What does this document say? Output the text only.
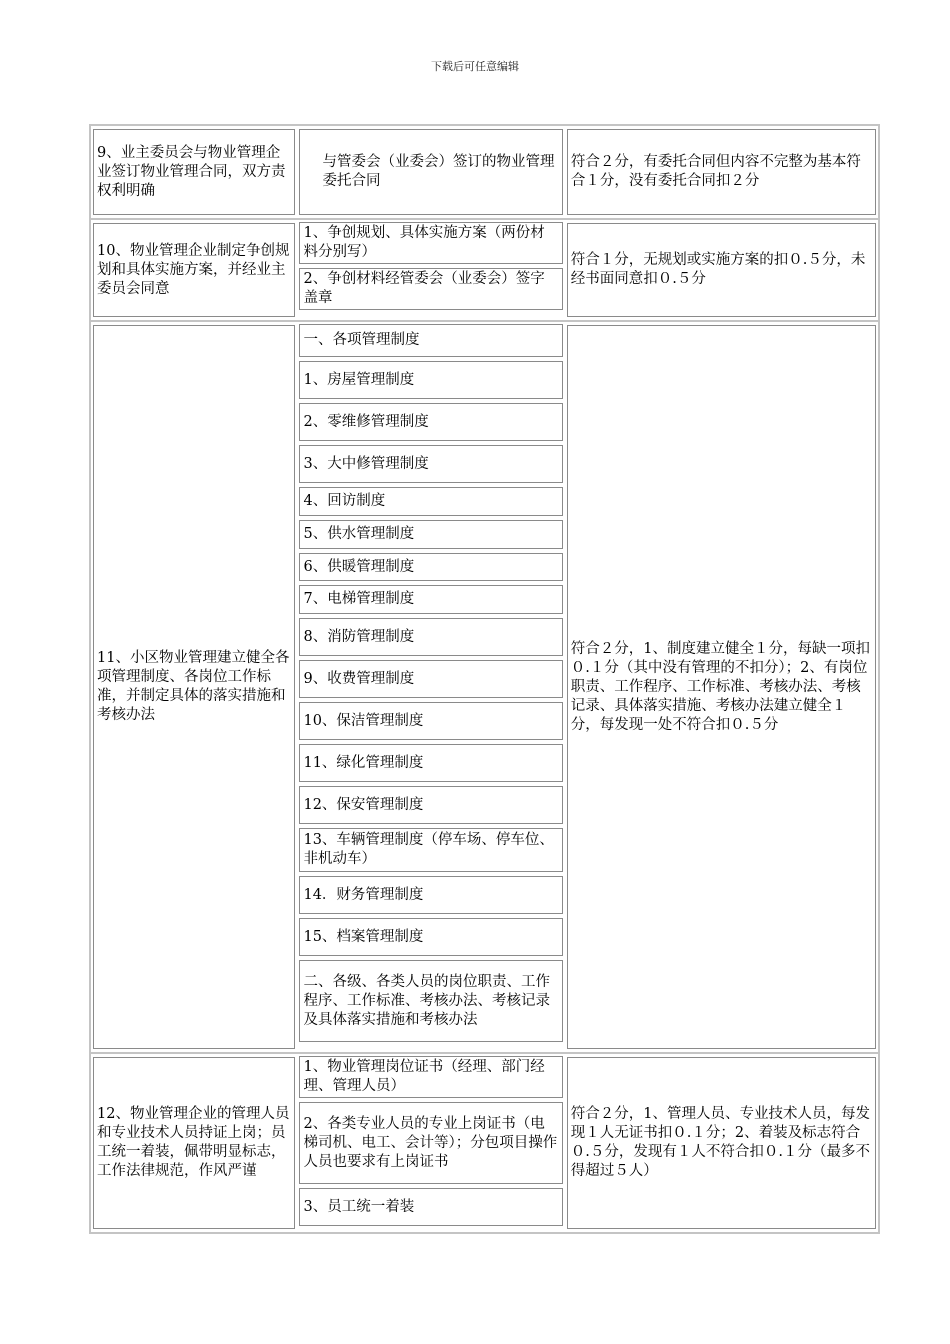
下载后可任意编辑
9、业主委员会与物业管理企业签订物业管理合同，双方责权利明确
与管委会（业委会）签订的物业管理委托合同
符合２分，有委托合同但内容不完整为基本符合１分，没有委托合同扣２分
10、物业管理企业制定争创规划和具体实施方案，并经业主委员会同意
1、争创规划、具体实施方案（两份材料分别写）
2、争创材料经管委会（业委会）签字盖章
符合１分，无规划或实施方案的扣０.５分，未经书面同意扣０.５分
11、小区物业管理建立健全各项管理制度、各岗位工作标准，并制定具体的落实措施和考核办法
一、各项管理制度
1、房屋管理制度
2、零维修管理制度
3、大中修管理制度
4、回访制度
5、供水管理制度
6、供暖管理制度
7、电梯管理制度
8、消防管理制度
9、收费管理制度
10、保洁管理制度
11、绿化管理制度
12、保安管理制度
13、车辆管理制度（停车场、停车位、非机动车）
14．财务管理制度
15、档案管理制度
二、各级、各类人员的岗位职责、工作程序、工作标准、考核办法、考核记录及具体落实措施和考核办法
符合２分，1、制度建立健全１分，每缺一项扣０.１分（其中没有管理的不扣分）；2、有岗位职责、工作程序、工作标准、考核办法、考核记录、具体落实措施、考核办法建立健全１分，每发现一处不符合扣０.５分
12、物业管理企业的管理人员和专业技术人员持证上岗；员工统一着装，佩带明显标志，工作法律规范，作风严谨
1、物业管理岗位证书（经理、部门经理、管理人员）
2、各类专业人员的专业上岗证书（电梯司机、电工、会计等）；分包项目操作人员也要求有上岗证书
3、员工统一着装
符合２分，1、管理人员、专业技术人员，每发现１人无证书扣０.１分；2、着装及标志符合０.５分，发现有１人不符合扣０.１分（最多不得超过５人）
